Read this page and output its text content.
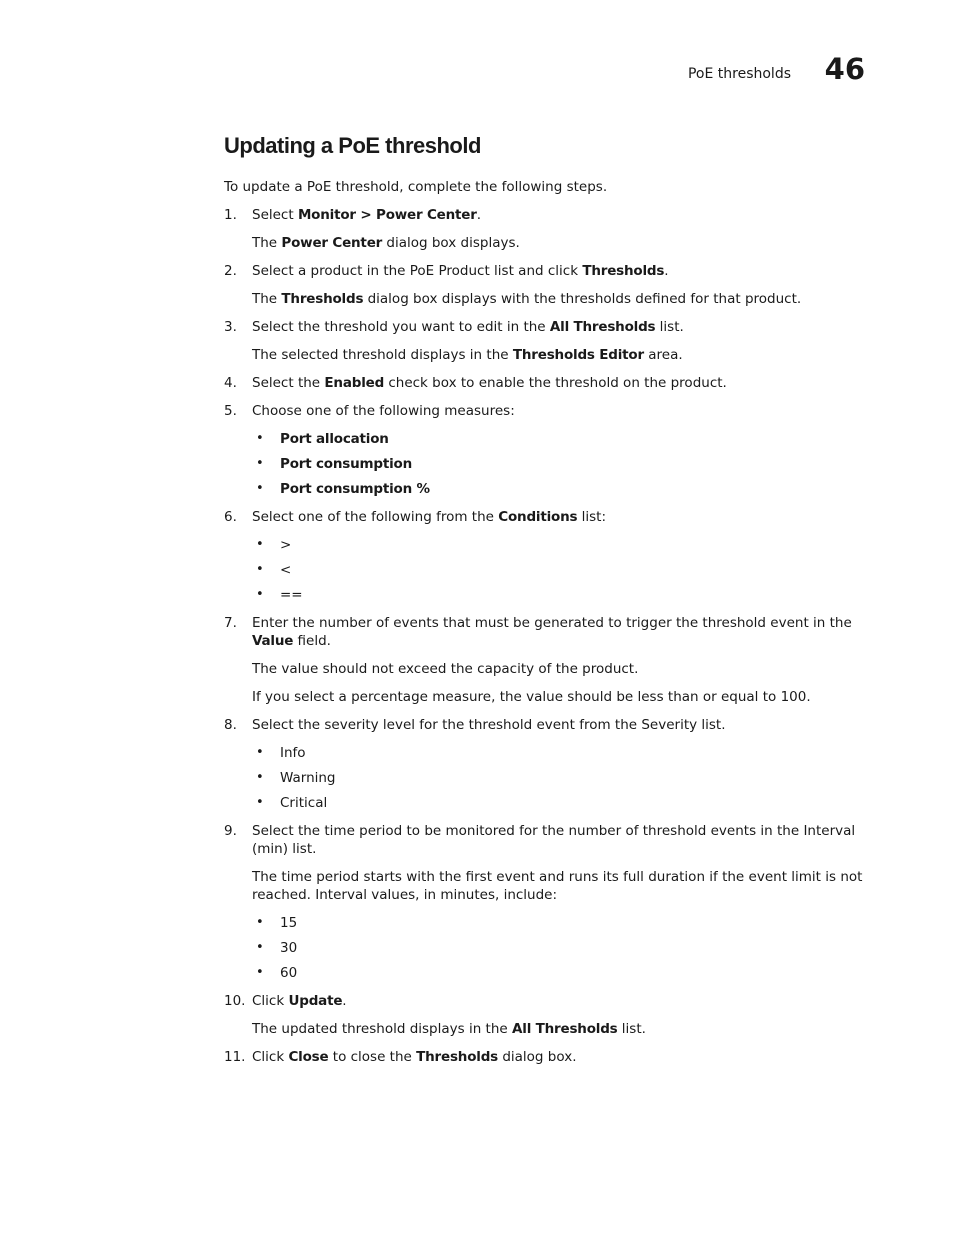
PoE thresholds 46
Updating a PoE threshold

To update a PoE threshold, complete the following steps.

1. Select Monitor > Power Center.

The Power Center dialog box displays.

2. Select a product in the PoE Product list and click Thresholds.

The Thresholds dialog box displays with the thresholds defined for that product.

3. Select the threshold you want to edit in the All Thresholds list.

The selected threshold displays in the Thresholds Editor area.

4. Select the Enabled check box to enable the threshold on the product.

5. Choose one of the following measures:

• Port allocation
• Port consumption
• Port consumption %
6. Select one of the following from the Conditions list:

• >
• <
• ==
7. Enter the number of events that must be generated to trigger the threshold event in the Value field.

The value should not exceed the capacity of the product.

If you select a percentage measure, the value should be less than or equal to 100.

8. Select the severity level for the threshold event from the Severity list.

• Info
• Warning
• Critical
9. Select the time period to be monitored for the number of threshold events in the Interval (min) list.

The time period starts with the first event and runs its full duration if the event limit is not reached. Interval values, in minutes, include:

• 15
• 30
• 60
10. Click Update.

The updated threshold displays in the All Thresholds list.

11. Click Close to close the Thresholds dialog box.
